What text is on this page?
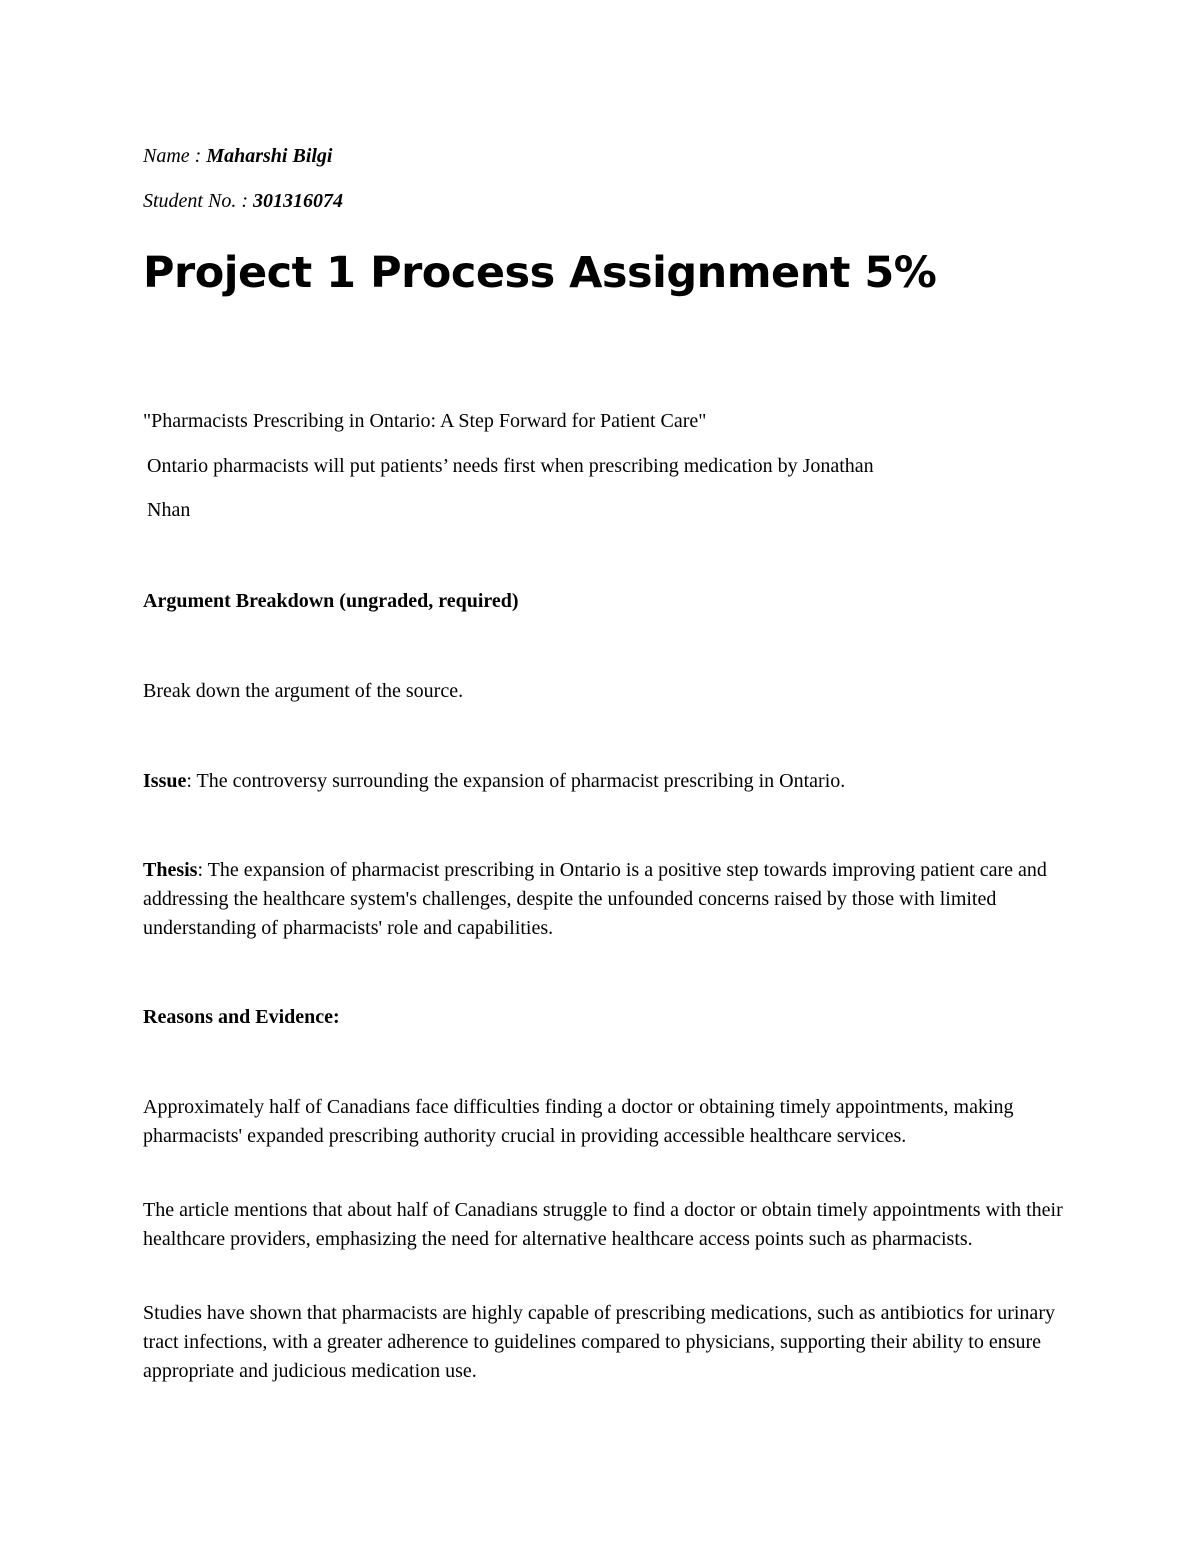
Name : Maharshi Bilgi
Student No. : 301316074
Project 1 Process Assignment 5%
"Pharmacists Prescribing in Ontario: A Step Forward for Patient Care"
Ontario pharmacists will put patients’ needs first when prescribing medication by Jonathan
Nhan
Argument Breakdown (ungraded, required)
Break down the argument of the source.
Issue: The controversy surrounding the expansion of pharmacist prescribing in Ontario.
Thesis: The expansion of pharmacist prescribing in Ontario is a positive step towards improving patient care and addressing the healthcare system's challenges, despite the unfounded concerns raised by those with limited understanding of pharmacists' role and capabilities.
Reasons and Evidence:
Approximately half of Canadians face difficulties finding a doctor or obtaining timely appointments, making pharmacists' expanded prescribing authority crucial in providing accessible healthcare services.
The article mentions that about half of Canadians struggle to find a doctor or obtain timely appointments with their healthcare providers, emphasizing the need for alternative healthcare access points such as pharmacists.
Studies have shown that pharmacists are highly capable of prescribing medications, such as antibiotics for urinary tract infections, with a greater adherence to guidelines compared to physicians, supporting their ability to ensure appropriate and judicious medication use.
